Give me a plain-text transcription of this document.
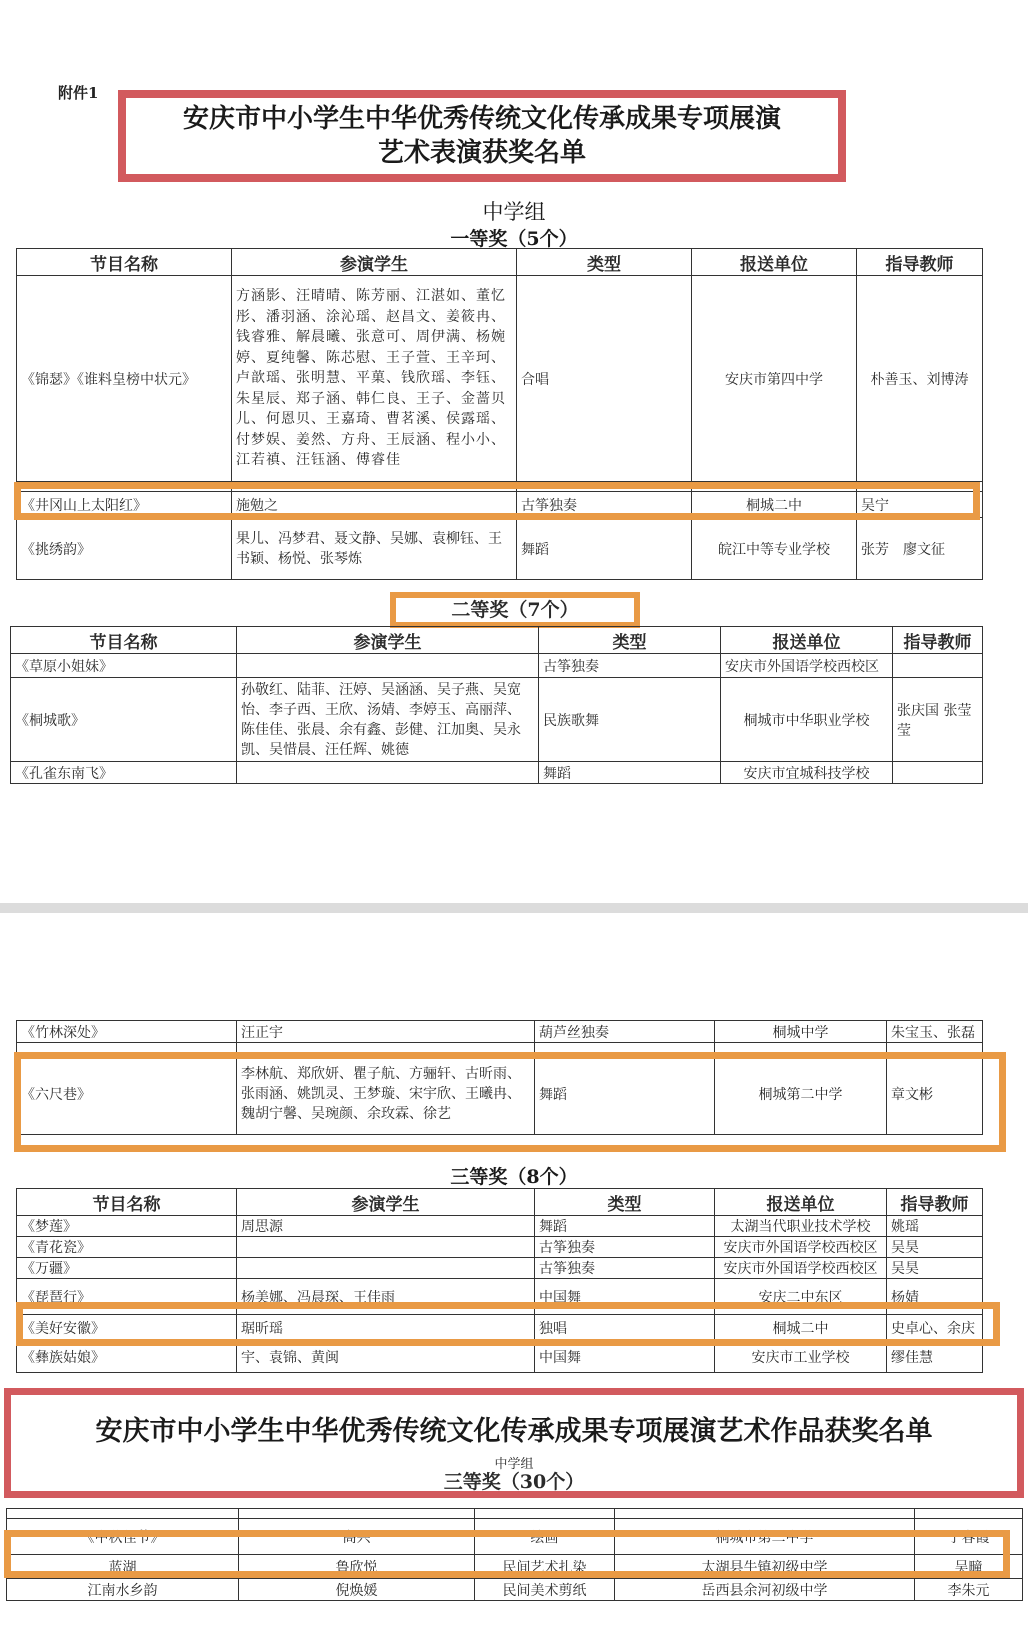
附件1
安庆市中小学生中华优秀传统文化传承成果专项展演
艺术表演获奖名单
中学组
一等奖（5个）
节目名称	参演学生	类型	报送单位	指导教师
《锦瑟》《谁料皇榜中状元》	方涵影、汪晴晴、陈芳丽、江湛如、董忆彤、潘羽涵、涂沁瑶、赵昌文、姜筱冉、钱睿雅、解晨曦、张意可、周伊满、杨婉婷、夏纯馨、陈芯慰、王子萱、王辛珂、卢歆瑶、张明慧、平菓、钱欣瑶、李钰、朱星辰、郑子涵、韩仁良、王子、金蔷贝儿、何恩贝、王嘉琦、曹茗溪、侯露瑶、付梦娱、姜然、方舟、王辰涵、程小小、江若禛、汪钰涵、傅睿佳	合唱	安庆市第四中学	朴善玉、刘博涛

《井冈山上太阳红》	施勉之	古筝独奏	桐城二中	吴宁
《挑绣韵》	果儿、冯梦君、聂文静、吴娜、袁柳钰、王书颖、杨悦、张琴炼	舞蹈	皖江中等专业学校	张芳　廖文征
二等奖（7个）
节目名称	参演学生	类型	报送单位	指导教师
《草原小姐妹》		古筝独奏	安庆市外国语学校西校区	
《桐城歌》	孙敬红、陆菲、汪婷、吴涵涵、吴子燕、吴宽怡、李子西、王欣、汤婧、李婷玉、高丽萍、陈佳佳、张晨、余有鑫、彭健、江加奥、吴永凯、吴惜晨、汪任辉、姚德	民族歌舞	桐城市中华职业学校	张庆国 张莹莹
《孔雀东南飞》		舞蹈	安庆市宜城科技学校	
《竹林深处》	汪正宇	葫芦丝独奏	桐城中学	朱宝玉、张磊

《六尺巷》	李林航、郑欣妍、瞿子航、方骊轩、古昕雨、张雨涵、姚凯灵、王梦璇、宋宇欣、王曦冉、魏胡宁馨、吴琬颜、余玫霖、徐艺	舞蹈	桐城第二中学	章文彬
三等奖（8个）
节目名称	参演学生	类型	报送单位	指导教师
《梦莲》	周思源	舞蹈	太湖当代职业技术学校	姚瑶
《青花瓷》		古筝独奏	安庆市外国语学校西校区	吴昊
《万疆》		古筝独奏	安庆市外国语学校西校区	吴昊
《琵琶行》	杨美娜、冯晨琛、王佳雨	中国舞	安庆二中东区	杨婧
《美好安徽》	琚昕瑶	独唱	桐城二中	史卓心、余庆
《彝族姑娘》	宇、袁锦、黄闽	中国舞	安庆市工业学校	缪佳慧
安庆市中小学生中华优秀传统文化传承成果专项展演艺术作品获奖名单
中学组
三等奖（30个）

《中秋佳节》	高兴	绘画	桐城市第二中学	丁春霞
蓝湖	鲁欣悦	民间艺术扎染	太湖县牛镇初级中学	吴疃
江南水乡韵	倪焕媛	民间美术剪纸	岳西县余河初级中学	李朱元
